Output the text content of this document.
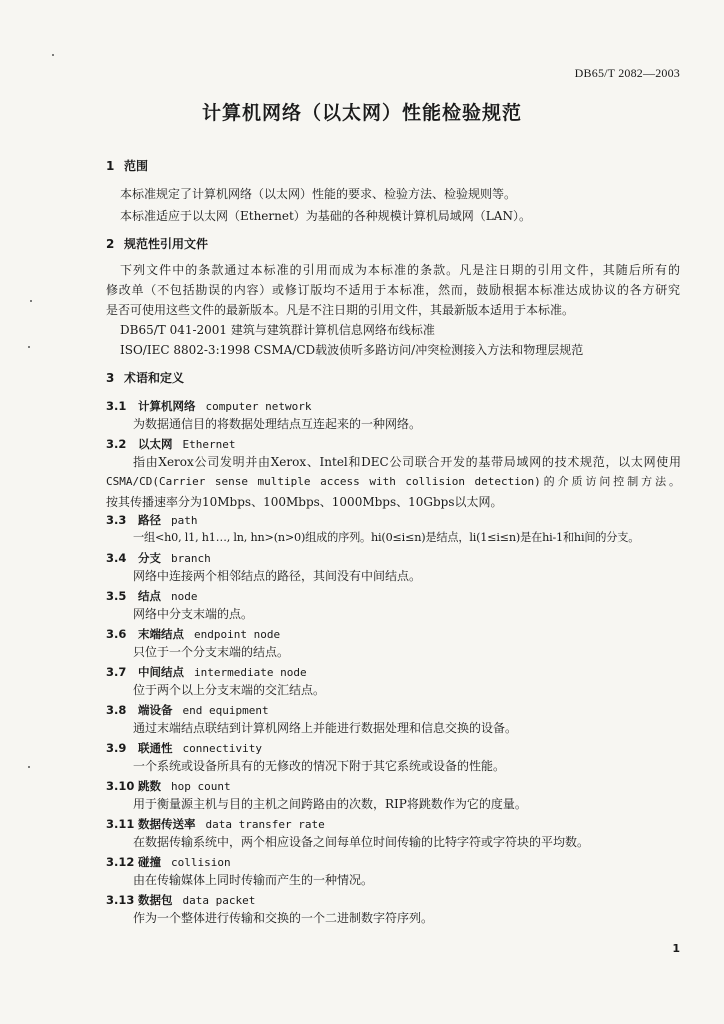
DB65/T 2082—2003
计算机网络（以太网）性能检验规范
1 范围
本标准规定了计算机网络（以太网）性能的要求、检验方法、检验规则等。
本标准适应于以太网（Ethernet）为基础的各种规模计算机局域网（LAN）。
2 规范性引用文件
下列文件中的条款通过本标准的引用而成为本标准的条款。凡是注日期的引用文件，其随后所有的
修改单（不包括勘误的内容）或修订版均不适用于本标准，然而，鼓励根据本标准达成协议的各方研究
是否可使用这些文件的最新版本。凡是不注日期的引用文件，其最新版本适用于本标准。
DB65/T 041-2001 建筑与建筑群计算机信息网络布线标准
ISO/IEC 8802-3:1998 CSMA/CD载波侦听多路访问/冲突检测接入方法和物理层规范
3 术语和定义
3.1 计算机网络 computer network
为数据通信目的将数据处理结点互连起来的一种网络。
3.2 以太网 Ethernet
指由Xerox公司发明并由Xerox、Intel和DEC公司联合开发的基带局域网的技术规范，以太网使用
CSMA/CD(Carrier sense multiple access with collision detection)的介质访问控制方法。
按其传播速率分为10Mbps、100Mbps、1000Mbps、10Gbps以太网。
3.3 路径 path
一组<h0, l1, h1…, ln, hn>(n>0)组成的序列。hi(0≤i≤n)是结点，li(1≤i≤n)是在hi-1和hi间的分支。
3.4 分支 branch
网络中连接两个相邻结点的路径，其间没有中间结点。
3.5 结点 node
网络中分支末端的点。
3.6 末端结点 endpoint node
只位于一个分支末端的结点。
3.7 中间结点 intermediate node
位于两个以上分支末端的交汇结点。
3.8 端设备 end equipment
通过末端结点联结到计算机网络上并能进行数据处理和信息交换的设备。
3.9 联通性 connectivity
一个系统或设备所具有的无修改的情况下附于其它系统或设备的性能。
3.10 跳数 hop count
用于衡量源主机与目的主机之间跨路由的次数，RIP将跳数作为它的度量。
3.11 数据传送率 data transfer rate
在数据传输系统中，两个相应设备之间每单位时间传输的比特字符或字符块的平均数。
3.12 碰撞 collision
由在传输媒体上同时传输而产生的一种情况。
3.13 数据包 data packet
作为一个整体进行传输和交换的一个二进制数字符序列。
1
